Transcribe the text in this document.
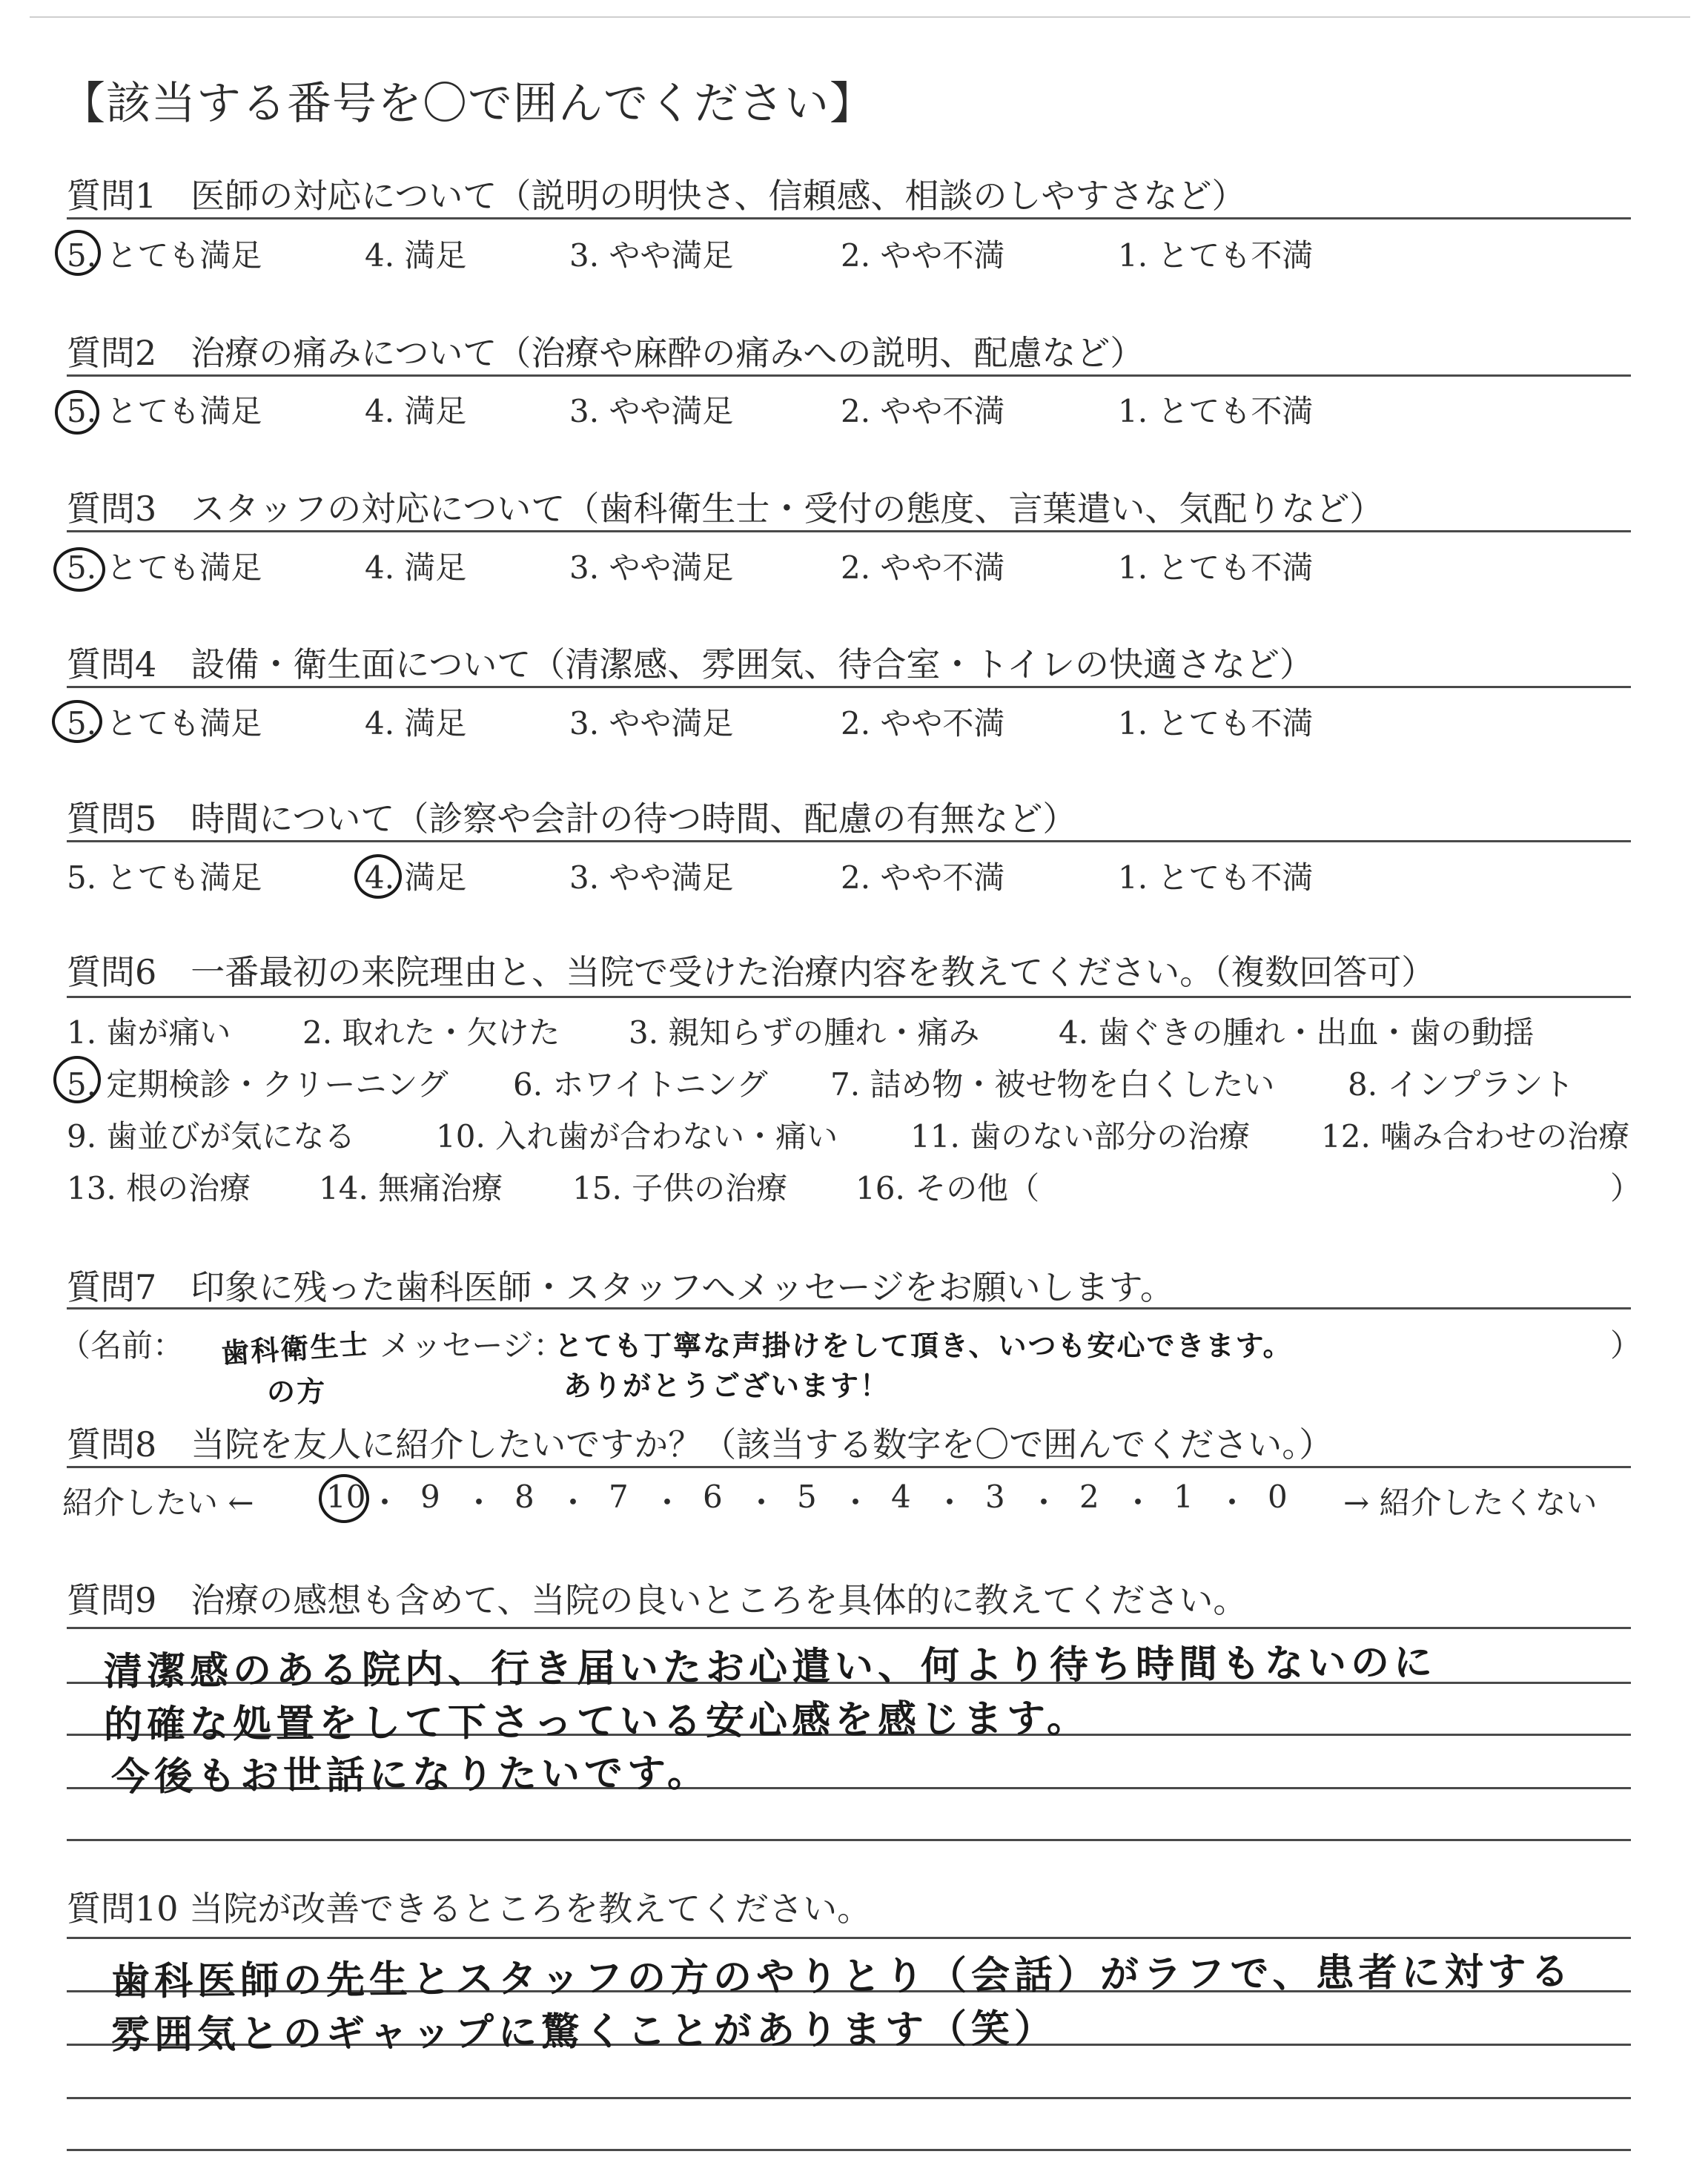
【該当する番号を〇で囲んでください】
質問1　医師の対応について（説明の明快さ、信頼感、相談のしやすさなど）
5. とても満足	4. 満足	3. やや満足	2. やや不満	1. とても不満
質問2　治療の痛みについて（治療や麻酔の痛みへの説明、配慮など）
5. とても満足	4. 満足	3. やや満足	2. やや不満	1. とても不満
質問3　スタッフの対応について（歯科衛生士・受付の態度、言葉遣い、気配りなど）
5. とても満足	4. 満足	3. やや満足	2. やや不満	1. とても不満
質問4　設備・衛生面について（清潔感、雰囲気、待合室・トイレの快適さなど）
5. とても満足	4. 満足	3. やや満足	2. やや不満	1. とても不満
質問5　時間について（診察や会計の待つ時間、配慮の有無など）
5. とても満足	4. 満足	3. やや満足	2. やや不満	1. とても不満
質問6　一番最初の来院理由と、当院で受けた治療内容を教えてください。（複数回答可）
1. 歯が痛い 2. 取れた・欠けた 3. 親知らずの腫れ・痛み	4. 歯ぐきの腫れ・出血・歯の動揺
5. 定期検診・クリーニング 6. ホワイトニング 7. 詰め物・被せ物を白くしたい 8. インプラント
9. 歯並びが気になる	10. 入れ歯が合わない・痛い 11. 歯のない部分の治療 12. 噛み合わせの治療
13. 根の治療 14. 無痛治療 15. 子供の治療 16. その他（	）
質問7　印象に残った歯科医師・スタッフへメッセージをお願いします。
（名前： 歯科衛生士
の方
メッセージ：
とても丁寧な声掛けをして頂き、いつも安心できます。
ありがとうございます！
）
質問8　当院を友人に紹介したいですか？（該当する数字を〇で囲んでください。）
紹介したい ←	→ 紹介したくない
10 ・ 9 ・ 8 ・ 7 ・ 6 ・ 5 ・ 4 ・ 3 ・ 2 ・ 1 ・ 0
質問9　治療の感想も含めて、当院の良いところを具体的に教えてください。
清潔感のある院内、行き届いたお心遣い、何より待ち時間もないのに
的確な処置をして下さっている安心感を感じます。
今後もお世話になりたいです。
質問10 当院が改善できるところを教えてください。
歯科医師の先生とスタッフの方のやりとり（会話）がラフで、患者に対する
雰囲気とのギャップに驚くことがあります（笑）
